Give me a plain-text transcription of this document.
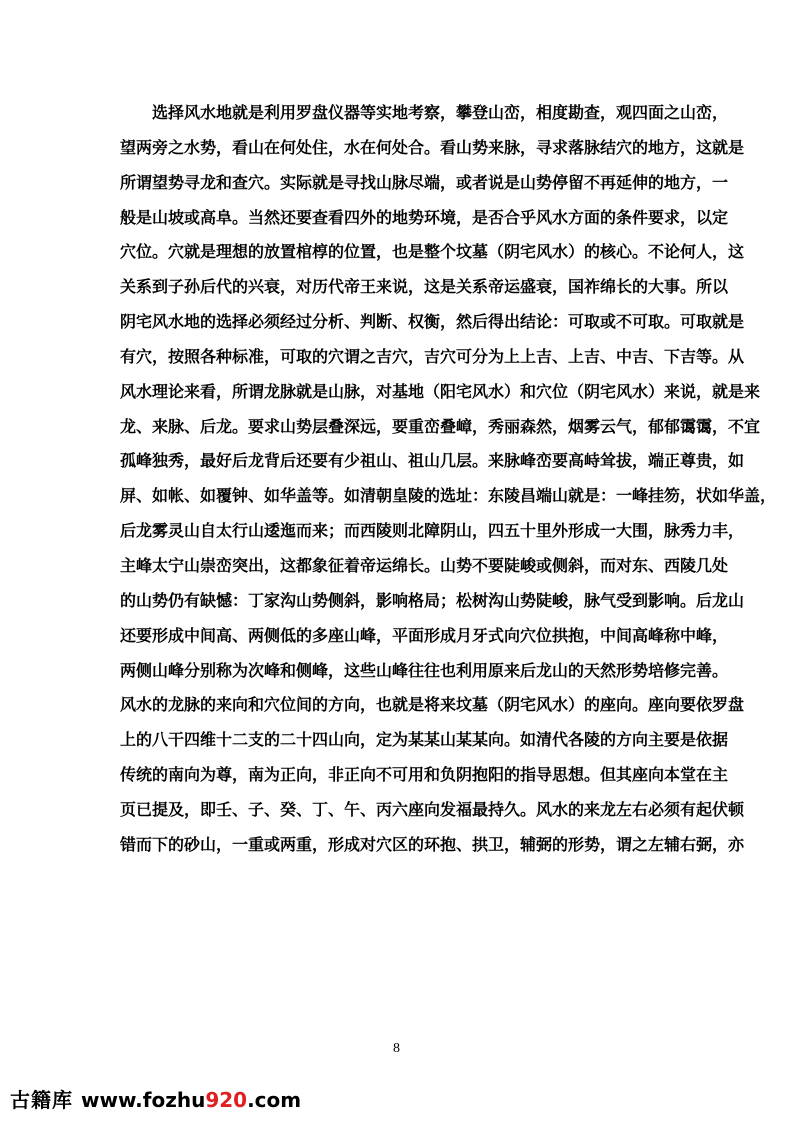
选择风水地就是利用罗盘仪器等实地考察，攀登山峦，相度勘查，观四面之山峦，
望两旁之水势，看山在何处住，水在何处合。看山势来脉，寻求落脉结穴的地方，这就是
所谓望势寻龙和查穴。实际就是寻找山脉尽端，或者说是山势停留不再延伸的地方，一
般是山坡或高阜。当然还要查看四外的地势环境，是否合乎风水方面的条件要求，以定
穴位。穴就是理想的放置棺椁的位置，也是整个坟墓（阴宅风水）的核心。不论何人，这
关系到子孙后代的兴衰，对历代帝王来说，这是关系帝运盛衰，国祚绵长的大事。所以
阴宅风水地的选择必须经过分析、判断、权衡，然后得出结论：可取或不可取。可取就是
有穴，按照各种标准，可取的穴谓之吉穴，吉穴可分为上上吉、上吉、中吉、下吉等。从
风水理论来看，所谓龙脉就是山脉，对基地（阳宅风水）和穴位（阴宅风水）来说，就是来
龙、来脉、后龙。要求山势层叠深远，要重峦叠嶂，秀丽森然，烟雾云气，郁郁霭霭，不宜
孤峰独秀，最好后龙背后还要有少祖山、祖山几层。来脉峰峦要高峙耸拔，端正尊贵，如
屏、如帐、如覆钟、如华盖等。如清朝皇陵的选址：东陵昌端山就是：一峰挂笏，状如华盖，
后龙雾灵山自太行山逶迤而来；而西陵则北障阴山，四五十里外形成一大围，脉秀力丰，
主峰太宁山崇峦突出，这都象征着帝运绵长。山势不要陡峻或侧斜，而对东、西陵几处
的山势仍有缺憾：丁家沟山势侧斜，影响格局；松树沟山势陡峻，脉气受到影响。后龙山
还要形成中间高、两侧低的多座山峰，平面形成月牙式向穴位拱抱，中间高峰称中峰，
两侧山峰分别称为次峰和侧峰，这些山峰往往也利用原来后龙山的天然形势培修完善。
风水的龙脉的来向和穴位间的方向，也就是将来坟墓（阴宅风水）的座向。座向要依罗盘
上的八干四维十二支的二十四山向，定为某某山某某向。如清代各陵的方向主要是依据
传统的南向为尊，南为正向，非正向不可用和负阴抱阳的指导思想。但其座向本堂在主
页已提及，即壬、子、癸、丁、午、丙六座向发福最持久。风水的来龙左右必须有起伏顿
错而下的砂山，一重或两重，形成对穴区的环抱、拱卫，辅弼的形势，谓之左辅右弼，亦
8
古籍库 www.fozhu920.com
